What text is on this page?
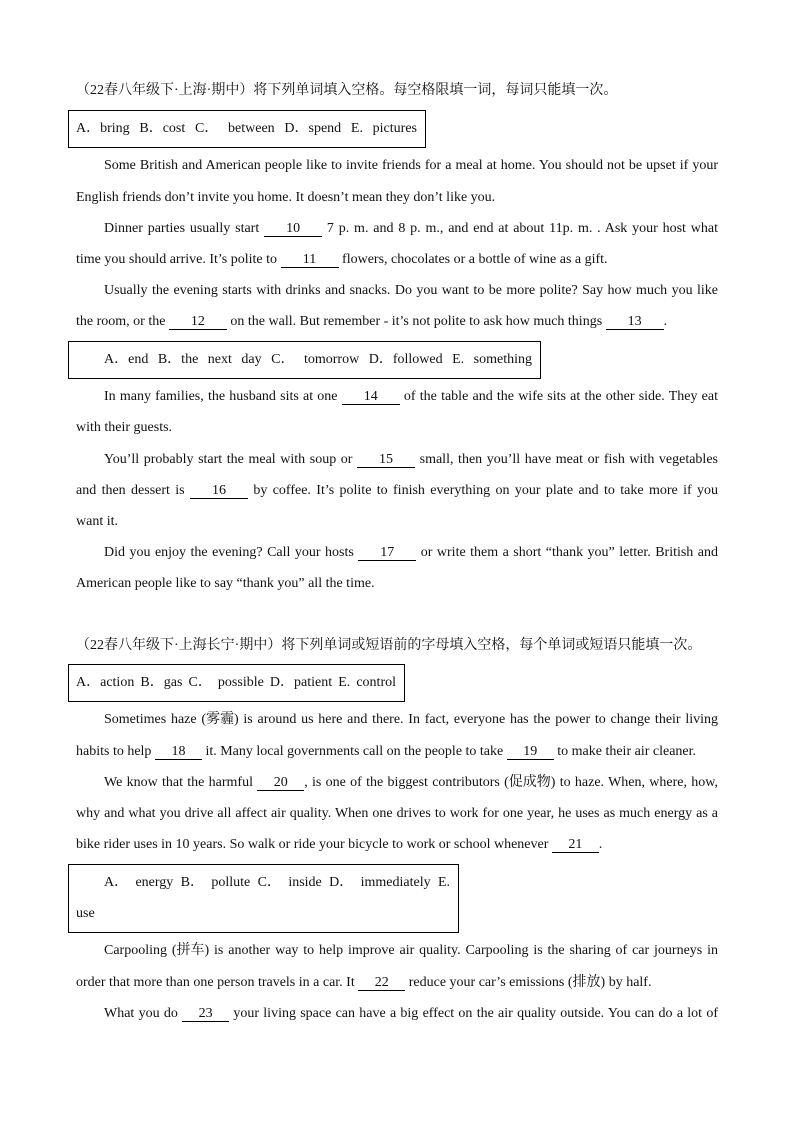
（22春八年级下·上海·期中）将下列单词填入空格。每空格限填一词，每词只能填一次。
A．bring B．cost C． between D．spend E. pictures
Some British and American people like to invite friends for a meal at home. You should not be upset if your
English friends don’t invite you home. It doesn’t mean they don’t like you.
Dinner parties usually start 10 7 p. m. and 8 p. m., and end at about 11p. m. . Ask your host what
time you should arrive. It’s polite to 11 flowers, chocolates or a bottle of wine as a gift.
Usually the evening starts with drinks and snacks. Do you want to be more polite? Say how much you like
the room, or the 12 on the wall. But remember - it’s not polite to ask how much things 13 .
A．end B．the next day C． tomorrow D．followed E. something
In many families, the husband sits at one 14 of the table and the wife sits at the other side. They eat
with their guests.
You’ll probably start the meal with soup or 15 small, then you’ll have meat or fish with vegetables
and then dessert is 16 by coffee. It’s polite to finish everything on your plate and to take more if you
want it.
Did you enjoy the evening? Call your hosts 17 or write them a short “thank you” letter. British and
American people like to say “thank you” all the time.
（22春八年级下·上海长宁·期中）将下列单词或短语前的字母填入空格，每个单词或短语只能填一次。
A．action B．gas C． possible D．patient E. control
Sometimes haze (雾霾) is around us here and there. In fact, everyone has the power to change their living
habits to help 18 it. Many local governments call on the people to take 19 to make their air cleaner.
We know that the harmful 20 , is one of the biggest contributors (促成物) to haze. When, where, how,
why and what you drive all affect air quality. When one drives to work for one year, he uses as much energy as a
bike rider uses in 10 years. So walk or ride your bicycle to work or school whenever 21 .
A． energy B． pollute C． inside D． immediately E.
use
Carpooling (拼车) is another way to help improve air quality. Carpooling is the sharing of car journeys in
order that more than one person travels in a car. It 22 reduce your car’s emissions (排放) by half.
What you do 23 your living space can have a big effect on the air quality outside. You can do a lot of
